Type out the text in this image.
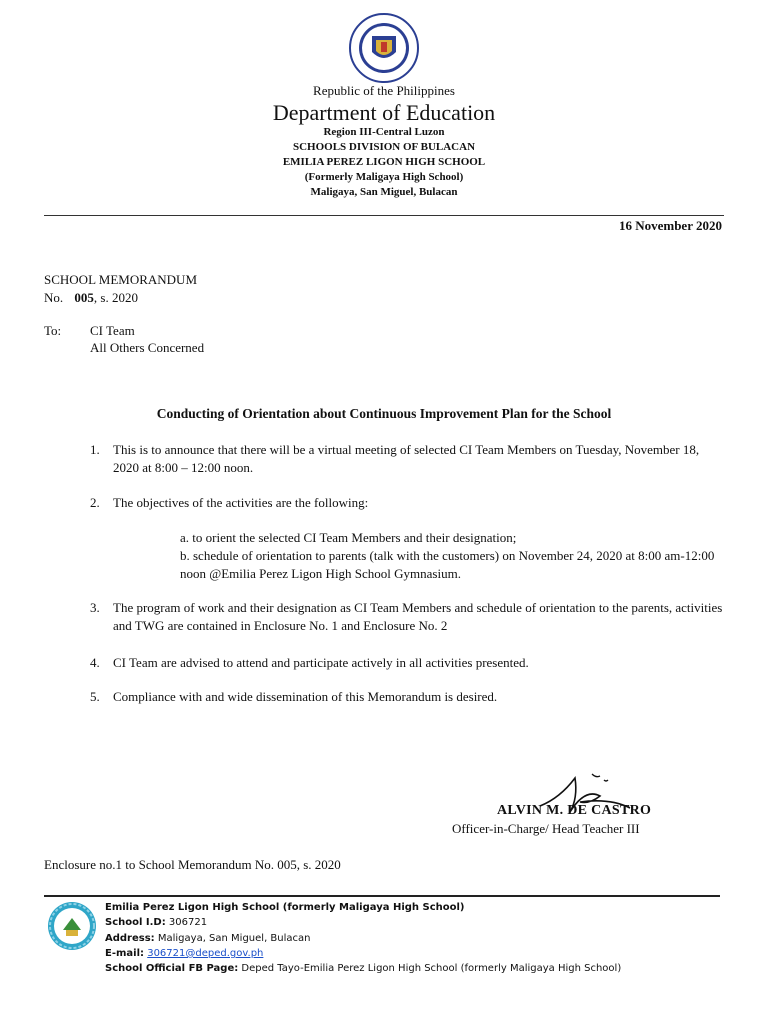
Republic of the Philippines
Department of Education
Region III-Central Luzon
SCHOOLS DIVISION OF BULACAN
EMILIA PEREZ LIGON HIGH SCHOOL
(Formerly Maligaya High School)
Maligaya, San Miguel, Bulacan
16 November 2020
SCHOOL MEMORANDUM
No. 005, s. 2020
To: CI Team
All Others Concerned
Conducting of Orientation about Continuous Improvement Plan for the School
1. This is to announce that there will be a virtual meeting of selected CI Team Members on Tuesday, November 18, 2020 at 8:00 – 12:00 noon.
2. The objectives of the activities are the following:
a. to orient the selected CI Team Members and their designation;
b. schedule of orientation to parents (talk with the customers) on November 24, 2020 at 8:00 am-12:00 noon @Emilia Perez Ligon High School Gymnasium.
3. The program of work and their designation as CI Team Members and schedule of orientation to the parents, activities and TWG are contained in Enclosure No. 1 and Enclosure No. 2
4. CI Team are advised to attend and participate actively in all activities presented.
5. Compliance with and wide dissemination of this Memorandum is desired.
ALVIN M. DE CASTRO
Officer-in-Charge/ Head Teacher III
Enclosure no.1 to School Memorandum No. 005, s. 2020
Emilia Perez Ligon High School (formerly Maligaya High School)
School I.D: 306721
Address: Maligaya, San Miguel, Bulacan
E-mail: 306721@deped.gov.ph
School Official FB Page: Deped Tayo-Emilia Perez Ligon High School (formerly Maligaya High School)
